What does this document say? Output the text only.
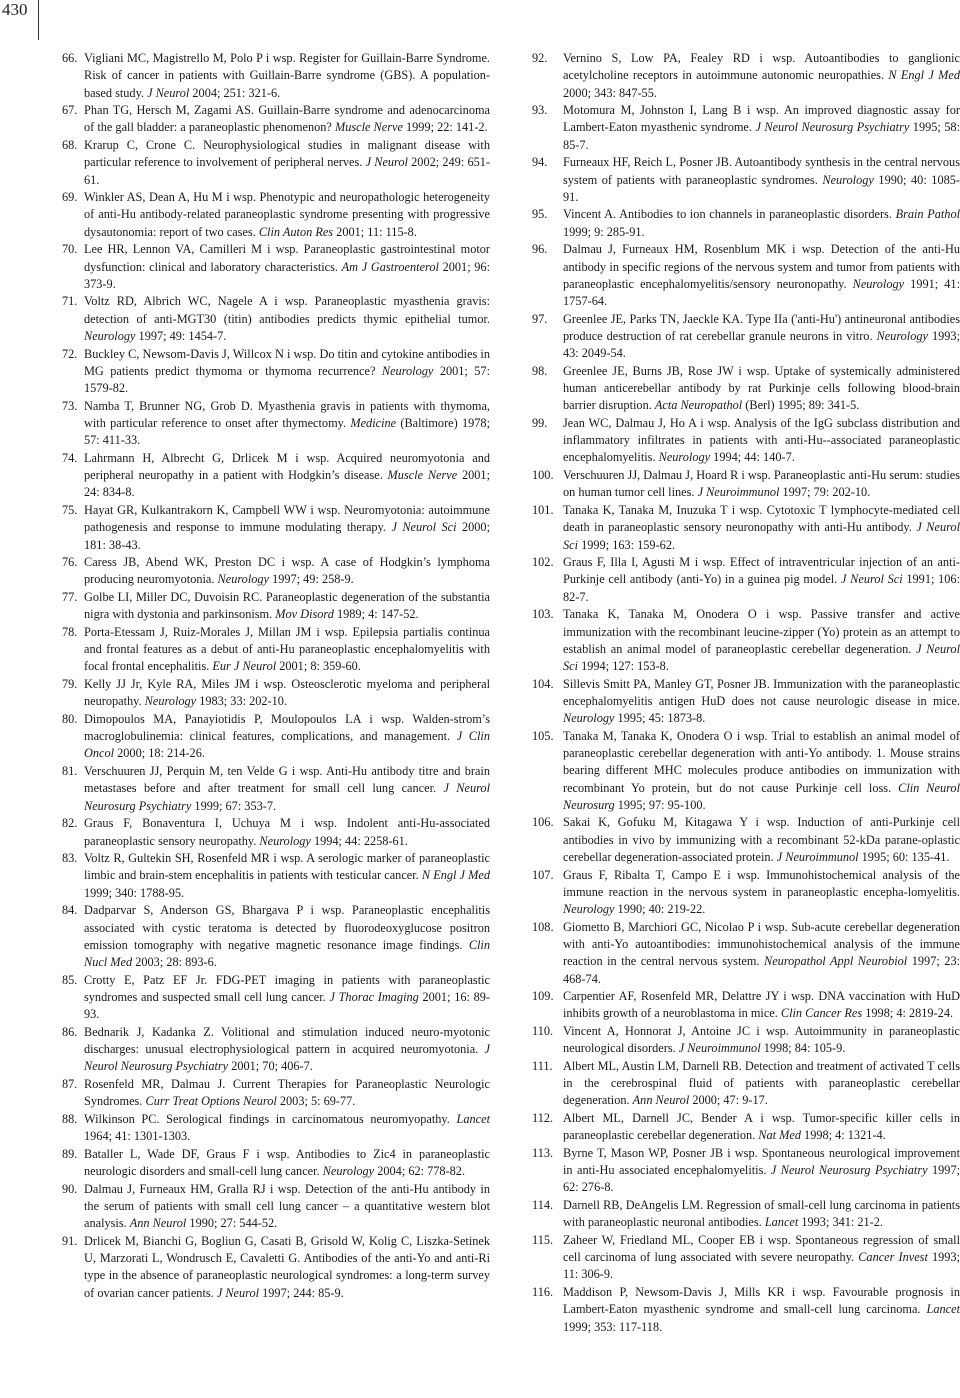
430
66. Vigliani MC, Magistrello M, Polo P i wsp. Register for Guillain-Barre Syndrome. Risk of cancer in patients with Guillain-Barre syndrome (GBS). A population-based study. J Neurol 2004; 251: 321-6.
67. Phan TG, Hersch M, Zagami AS. Guillain-Barre syndrome and adenocarcinoma of the gall bladder: a paraneoplastic phenomenon? Muscle Nerve 1999; 22: 141-2.
68. Krarup C, Crone C. Neurophysiological studies in malignant disease with particular reference to involvement of peripheral nerves. J Neurol 2002; 249: 651-61.
69. Winkler AS, Dean A, Hu M i wsp. Phenotypic and neuropathologic heterogeneity of anti-Hu antibody-related paraneoplastic syndrome presenting with progressive dysautonomia: report of two cases. Clin Auton Res 2001; 11: 115-8.
70. Lee HR, Lennon VA, Camilleri M i wsp. Paraneoplastic gastrointestinal motor dysfunction: clinical and laboratory characteristics. Am J Gastroenterol 2001; 96: 373-9.
71. Voltz RD, Albrich WC, Nagele A i wsp. Paraneoplastic myasthenia gravis: detection of anti-MGT30 (titin) antibodies predicts thymic epithelial tumor. Neurology 1997; 49: 1454-7.
72. Buckley C, Newsom-Davis J, Willcox N i wsp. Do titin and cytokine antibodies in MG patients predict thymoma or thymoma recurrence? Neurology 2001; 57: 1579-82.
73. Namba T, Brunner NG, Grob D. Myasthenia gravis in patients with thymoma, with particular reference to onset after thymectomy. Medicine (Baltimore) 1978; 57: 411-33.
74. Lahrmann H, Albrecht G, Drlicek M i wsp. Acquired neuromyotonia and peripheral neuropathy in a patient with Hodgkin’s disease. Muscle Nerve 2001; 24: 834-8.
75. Hayat GR, Kulkantrakorn K, Campbell WW i wsp. Neuromyotonia: autoimmune pathogenesis and response to immune modulating therapy. J Neurol Sci 2000; 181: 38-43.
76. Caress JB, Abend WK, Preston DC i wsp. A case of Hodgkin’s lymphoma producing neuromyotonia. Neurology 1997; 49: 258-9.
77. Golbe LI, Miller DC, Duvoisin RC. Paraneoplastic degeneration of the substantia nigra with dystonia and parkinsonism. Mov Disord 1989; 4: 147-52.
78. Porta-Etessam J, Ruiz-Morales J, Millan JM i wsp. Epilepsia partialis continua and frontal features as a debut of anti-Hu paraneoplastic encephalomyelitis with focal frontal encephalitis. Eur J Neurol 2001; 8: 359-60.
79. Kelly JJ Jr, Kyle RA, Miles JM i wsp. Osteosclerotic myeloma and peripheral neuropathy. Neurology 1983; 33: 202-10.
80. Dimopoulos MA, Panayiotidis P, Moulopoulos LA i wsp. Walden-strom’s macroglobulinemia: clinical features, complications, and management. J Clin Oncol 2000; 18: 214-26.
81. Verschuuren JJ, Perquin M, ten Velde G i wsp. Anti-Hu antibody titre and brain metastases before and after treatment for small cell lung cancer. J Neurol Neurosurg Psychiatry 1999; 67: 353-7.
82. Graus F, Bonaventura I, Uchuya M i wsp. Indolent anti-Hu-associated paraneoplastic sensory neuropathy. Neurology 1994; 44: 2258-61.
83. Voltz R, Gultekin SH, Rosenfeld MR i wsp. A serologic marker of paraneoplastic limbic and brain-stem encephalitis in patients with testicular cancer. N Engl J Med 1999; 340: 1788-95.
84. Dadparvar S, Anderson GS, Bhargava P i wsp. Paraneoplastic encephalitis associated with cystic teratoma is detected by fluorodeoxyglucose positron emission tomography with negative magnetic resonance image findings. Clin Nucl Med 2003; 28: 893-6.
85. Crotty E, Patz EF Jr. FDG-PET imaging in patients with paraneoplastic syndromes and suspected small cell lung cancer. J Thorac Imaging 2001; 16: 89-93.
86. Bednarik J, Kadanka Z. Volitional and stimulation induced neuro-myotonic discharges: unusual electrophysiological pattern in acquired neuromyotonia. J Neurol Neurosurg Psychiatry 2001; 70; 406-7.
87. Rosenfeld MR, Dalmau J. Current Therapies for Paraneoplastic Neurologic Syndromes. Curr Treat Options Neurol 2003; 5: 69-77.
88. Wilkinson PC. Serological findings in carcinomatous neuromyopathy. Lancet 1964; 41: 1301-1303.
89. Bataller L, Wade DF, Graus F i wsp. Antibodies to Zic4 in paraneoplastic neurologic disorders and small-cell lung cancer. Neurology 2004; 62: 778-82.
90. Dalmau J, Furneaux HM, Gralla RJ i wsp. Detection of the anti-Hu antibody in the serum of patients with small cell lung cancer – a quantitative western blot analysis. Ann Neurol 1990; 27: 544-52.
91. Drlicek M, Bianchi G, Bogliun G, Casati B, Grisold W, Kolig C, Liszka-Setinek U, Marzorati L, Wondrusch E, Cavaletti G. Antibodies of the anti-Yo and anti-Ri type in the absence of paraneoplastic neurological syndromes: a long-term survey of ovarian cancer patients. J Neurol 1997; 244: 85-9.
92. Vernino S, Low PA, Fealey RD i wsp. Autoantibodies to ganglionic acetylcholine receptors in autoimmune autonomic neuropathies. N Engl J Med 2000; 343: 847-55.
93. Motomura M, Johnston I, Lang B i wsp. An improved diagnostic assay for Lambert-Eaton myasthenic syndrome. J Neurol Neurosurg Psychiatry 1995; 58: 85-7.
94. Furneaux HF, Reich L, Posner JB. Autoantibody synthesis in the central nervous system of patients with paraneoplastic syndromes. Neurology 1990; 40: 1085-91.
95. Vincent A. Antibodies to ion channels in paraneoplastic disorders. Brain Pathol 1999; 9: 285-91.
96. Dalmau J, Furneaux HM, Rosenblum MK i wsp. Detection of the anti-Hu antibody in specific regions of the nervous system and tumor from patients with paraneoplastic encephalomyelitis/sensory neuronopathy. Neurology 1991; 41: 1757-64.
97. Greenlee JE, Parks TN, Jaeckle KA. Type IIa ('anti-Hu') antineuronal antibodies produce destruction of rat cerebellar granule neurons in vitro. Neurology 1993; 43: 2049-54.
98. Greenlee JE, Burns JB, Rose JW i wsp. Uptake of systemically administered human anticerebellar antibody by rat Purkinje cells following blood-brain barrier disruption. Acta Neuropathol (Berl) 1995; 89: 341-5.
99. Jean WC, Dalmau J, Ho A i wsp. Analysis of the IgG subclass distribution and inflammatory infiltrates in patients with anti-Hu--associated paraneoplastic encephalomyelitis. Neurology 1994; 44: 140-7.
100. Verschuuren JJ, Dalmau J, Hoard R i wsp. Paraneoplastic anti-Hu serum: studies on human tumor cell lines. J Neuroimmunol 1997; 79: 202-10.
101. Tanaka K, Tanaka M, Inuzuka T i wsp. Cytotoxic T lymphocyte-mediated cell death in paraneoplastic sensory neuronopathy with anti-Hu antibody. J Neurol Sci 1999; 163: 159-62.
102. Graus F, Illa I, Agusti M i wsp. Effect of intraventricular injection of an anti-Purkinje cell antibody (anti-Yo) in a guinea pig model. J Neurol Sci 1991; 106: 82-7.
103. Tanaka K, Tanaka M, Onodera O i wsp. Passive transfer and active immunization with the recombinant leucine-zipper (Yo) protein as an attempt to establish an animal model of paraneoplastic cerebellar degeneration. J Neurol Sci 1994; 127: 153-8.
104. Sillevis Smitt PA, Manley GT, Posner JB. Immunization with the paraneoplastic encephalomyelitis antigen HuD does not cause neurologic disease in mice. Neurology 1995; 45: 1873-8.
105. Tanaka M, Tanaka K, Onodera O i wsp. Trial to establish an animal model of paraneoplastic cerebellar degeneration with anti-Yo antibody. 1. Mouse strains bearing different MHC molecules produce antibodies on immunization with recombinant Yo protein, but do not cause Purkinje cell loss. Clin Neurol Neurosurg 1995; 97: 95-100.
106. Sakai K, Gofuku M, Kitagawa Y i wsp. Induction of anti-Purkinje cell antibodies in vivo by immunizing with a recombinant 52-kDa parane-oplastic cerebellar degeneration-associated protein. J Neuroimmunol 1995; 60: 135-41.
107. Graus F, Ribalta T, Campo E i wsp. Immunohistochemical analysis of the immune reaction in the nervous system in paraneoplastic encepha-lomyelitis. Neurology 1990; 40: 219-22.
108. Giometto B, Marchiori GC, Nicolao P i wsp. Sub-acute cerebellar degeneration with anti-Yo autoantibodies: immunohistochemical analysis of the immune reaction in the central nervous system. Neuropathol Appl Neurobiol 1997; 23: 468-74.
109. Carpentier AF, Rosenfeld MR, Delattre JY i wsp. DNA vaccination with HuD inhibits growth of a neuroblastoma in mice. Clin Cancer Res 1998; 4: 2819-24.
110. Vincent A, Honnorat J, Antoine JC i wsp. Autoimmunity in paraneoplastic neurological disorders. J Neuroimmunol 1998; 84: 105-9.
111. Albert ML, Austin LM, Darnell RB. Detection and treatment of activated T cells in the cerebrospinal fluid of patients with paraneoplastic cerebellar degeneration. Ann Neurol 2000; 47: 9-17.
112. Albert ML, Darnell JC, Bender A i wsp. Tumor-specific killer cells in paraneoplastic cerebellar degeneration. Nat Med 1998; 4: 1321-4.
113. Byrne T, Mason WP, Posner JB i wsp. Spontaneous neurological improvement in anti-Hu associated encephalomyelitis. J Neurol Neurosurg Psychiatry 1997; 62: 276-8.
114. Darnell RB, DeAngelis LM. Regression of small-cell lung carcinoma in patients with paraneoplastic neuronal antibodies. Lancet 1993; 341: 21-2.
115. Zaheer W, Friedland ML, Cooper EB i wsp. Spontaneous regression of small cell carcinoma of lung associated with severe neuropathy. Cancer Invest 1993; 11: 306-9.
116. Maddison P, Newsom-Davis J, Mills KR i wsp. Favourable prognosis in Lambert-Eaton myasthenic syndrome and small-cell lung carcinoma. Lancet 1999; 353: 117-118.
